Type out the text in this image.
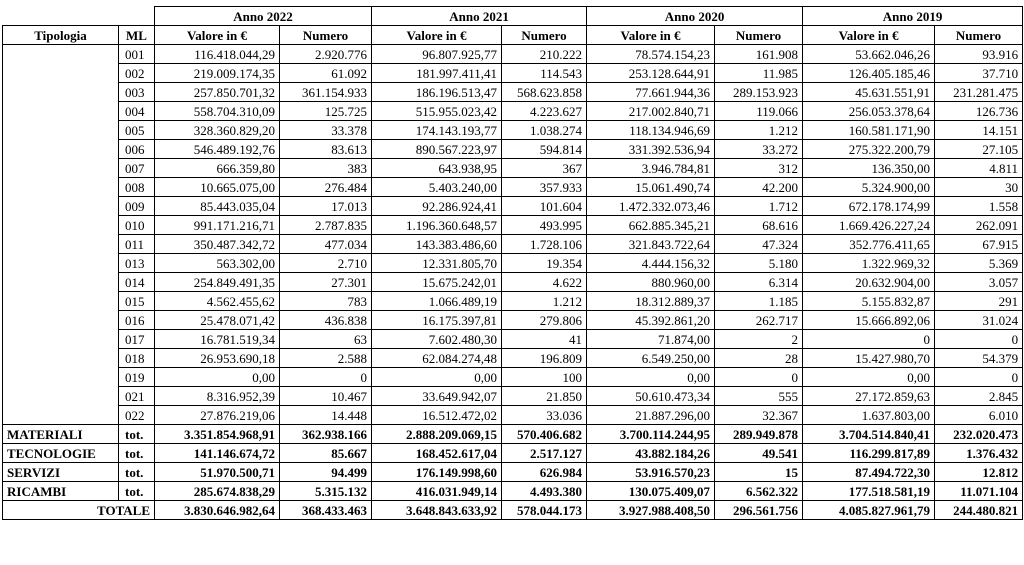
		Anno 2022		Anno 2021		Anno 2020		Anno 2019	
Tipologia	ML	Valore in €	Numero	Valore in €	Numero	Valore in €	Numero	Valore in €	Numero
	001	116.418.044,29	2.920.776	96.807.925,77	210.222	78.574.154,23	161.908	53.662.046,26	93.916
	002	219.009.174,35	61.092	181.997.411,41	114.543	253.128.644,91	11.985	126.405.185,46	37.710
	003	257.850.701,32	361.154.933	186.196.513,47	568.623.858	77.661.944,36	289.153.923	45.631.551,91	231.281.475
	004	558.704.310,09	125.725	515.955.023,42	4.223.627	217.002.840,71	119.066	256.053.378,64	126.736
	005	328.360.829,20	33.378	174.143.193,77	1.038.274	118.134.946,69	1.212	160.581.171,90	14.151
	006	546.489.192,76	83.613	890.567.223,97	594.814	331.392.536,94	33.272	275.322.200,79	27.105
	007	666.359,80	383	643.938,95	367	3.946.784,81	312	136.350,00	4.811
	008	10.665.075,00	276.484	5.403.240,00	357.933	15.061.490,74	42.200	5.324.900,00	30
	009	85.443.035,04	17.013	92.286.924,41	101.604	1.472.332.073,46	1.712	672.178.174,99	1.558
	010	991.171.216,71	2.787.835	1.196.360.648,57	493.995	662.885.345,21	68.616	1.669.426.227,24	262.091
	011	350.487.342,72	477.034	143.383.486,60	1.728.106	321.843.722,64	47.324	352.776.411,65	67.915
	013	563.302,00	2.710	12.331.805,70	19.354	4.444.156,32	5.180	1.322.969,32	5.369
	014	254.849.491,35	27.301	15.675.242,01	4.622	880.960,00	6.314	20.632.904,00	3.057
	015	4.562.455,62	783	1.066.489,19	1.212	18.312.889,37	1.185	5.155.832,87	291
	016	25.478.071,42	436.838	16.175.397,81	279.806	45.392.861,20	262.717	15.666.892,06	31.024
	017	16.781.519,34	63	7.602.480,30	41	71.874,00	2	0	0
	018	26.953.690,18	2.588	62.084.274,48	196.809	6.549.250,00	28	15.427.980,70	54.379
	019	0,00	0	0,00	100	0,00	0	0,00	0
	021	8.316.952,39	10.467	33.649.942,07	21.850	50.610.473,34	555	27.172.859,63	2.845
	022	27.876.219,06	14.448	16.512.472,02	33.036	21.887.296,00	32.367	1.637.803,00	6.010
MATERIALI	tot.	3.351.854.968,91	362.938.166	2.888.209.069,15	570.406.682	3.700.114.244,95	289.949.878	3.704.514.840,41	232.020.473
TECNOLOGIE	tot.	141.146.674,72	85.667	168.452.617,04	2.517.127	43.882.184,26	49.541	116.299.817,89	1.376.432
SERVIZI	tot.	51.970.500,71	94.499	176.149.998,60	626.984	53.916.570,23	15	87.494.722,30	12.812
RICAMBI	tot.	285.674.838,29	5.315.132	416.031.949,14	4.493.380	130.075.409,07	6.562.322	177.518.581,19	11.071.104
TOTALE		3.830.646.982,64	368.433.463	3.648.843.633,92	578.044.173	3.927.988.408,50	296.561.756	4.085.827.961,79	244.480.821
